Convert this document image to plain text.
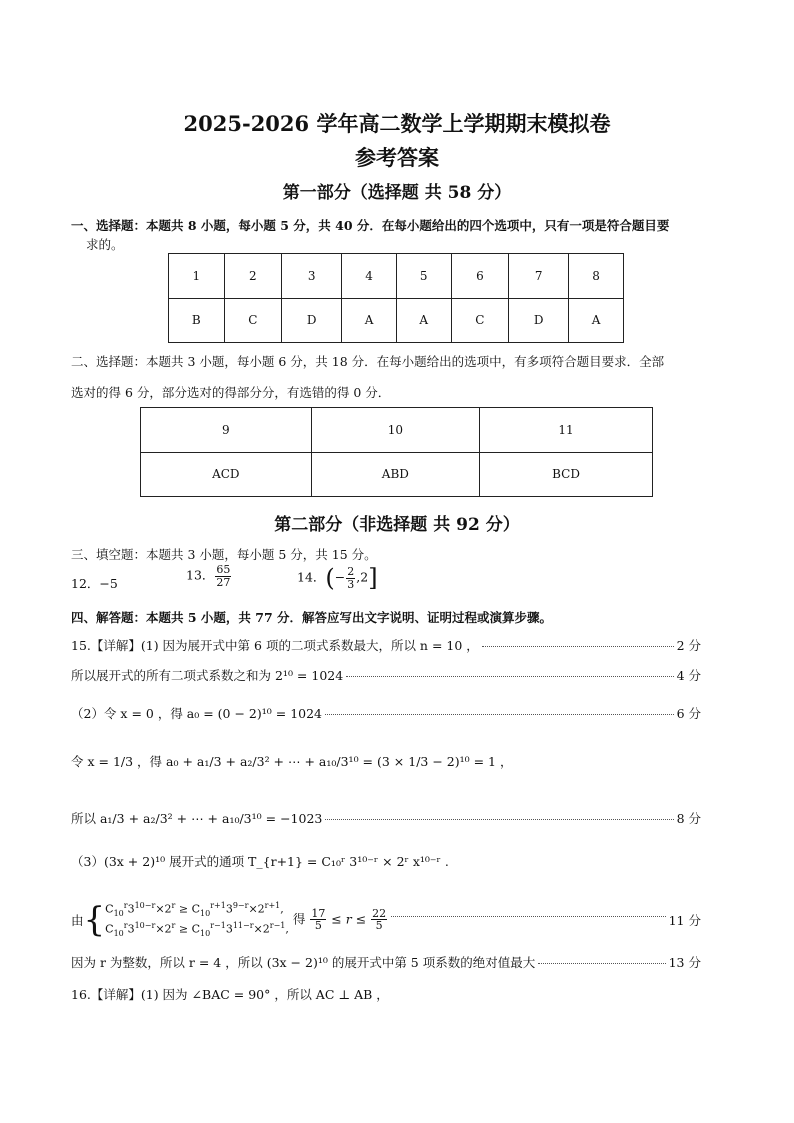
2025-2026 学年高二数学上学期期末模拟卷
参考答案
第一部分（选择题 共 58 分）
一、选择题：本题共 8 小题，每小题 5 分，共 40 分．在每小题给出的四个选项中，只有一项是符合题目要
求的。
1	2	3	4	5	6	7	8
B	C	D	A	A	C	D	A
二、选择题：本题共 3 小题，每小题 6 分，共 18 分．在每小题给出的选项中，有多项符合题目要求．全部
选对的得 6 分，部分选对的得部分分，有选错的得 0 分．
9	10	11
ACD	ABD	BCD
第二部分（非选择题 共 92 分）
三、填空题：本题共 3 小题，每小题 5 分，共 15 分。
12．−5
13． $\frac{65}{27}$	14．(− $\frac{2}{3} ,2$]
四、解答题：本题共 5 小题，共 77 分．解答应写出文字说明、证明过程或演算步骤。
15.【详解】(1) 因为展开式中第 6 项的二项式系数最大，所以 n = 10 ，	2 分
所以展开式的所有二项式系数之和为 2¹⁰ = 1024	4 分
（2）令 x = 0 ，得 a₀ = (0 − 2)¹⁰ = 1024	6 分
令 x = 1/3 ，得 a₀ + a₁/3 + a₂/3² + ⋯ + a₁₀/3¹⁰ = (3 × 1/3 − 2)¹⁰ = 1 ，
所以 a₁/3 + a₂/3² + ⋯ + a₁₀/3¹⁰ = −1023	8 分
（3）(3x + 2)¹⁰ 展开式的通项 T_{r+1} = C₁₀ʳ 3¹⁰⁻ʳ × 2ʳ x¹⁰⁻ʳ .
由 { $C_{10}^r3^{10-r}\times 2^r \ge C_{10}^{r+1}3^{9-r}\times 2^{r+1}$,
$C_{10}^r3^{10-r}\times 2^r \ge C_{10}^{r-1}3^{11-r}\times 2^{r-1}$,
得 $\frac{17}{5} \le r \le \frac{22}{5}$	11 分
因为 r 为整数，所以 r = 4 ，所以 (3x − 2)¹⁰ 的展开式中第 5 项系数的绝对值最大	13 分
16.【详解】(1) 因为 ∠BAC = 90° ，所以 AC ⊥ AB ，
